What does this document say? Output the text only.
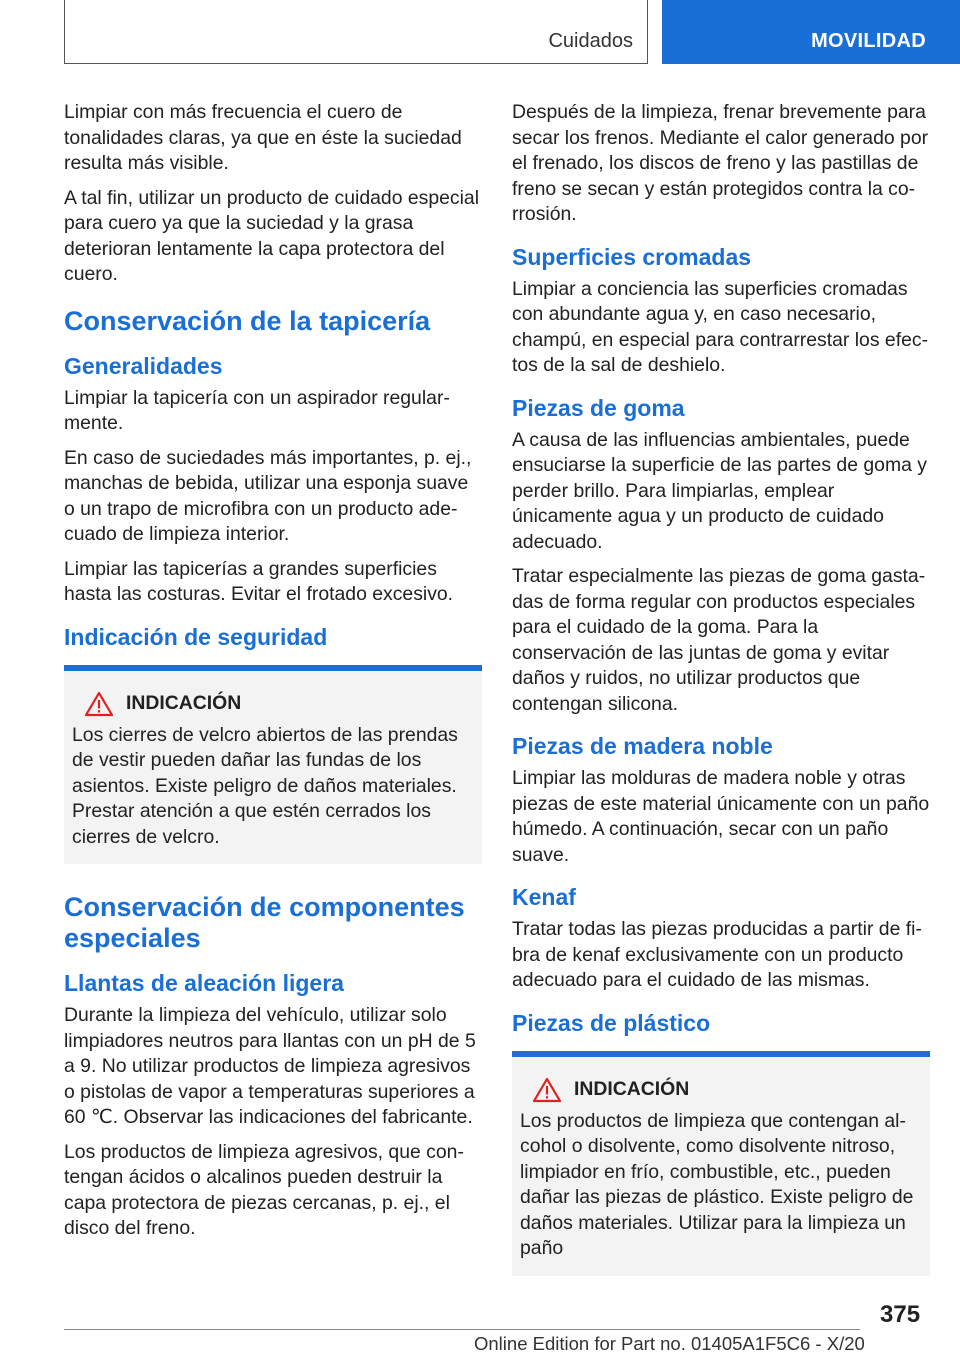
Cuidados	MOVILIDAD

Limpiar con más frecuencia el cuero de tonalidades claras, ya que en éste la suciedad resulta más visible.

A tal fin, utilizar un producto de cuidado especial para cuero ya que la suciedad y la grasa deterioran lentamente la capa protectora del cuero.

Conservación de la tapicería
Generalidades

Limpiar la tapicería con un aspirador regularmente.

En caso de suciedades más importantes, p. ej., manchas de bebida, utilizar una esponja suave o un trapo de microfibra con un producto adecuado de limpieza interior.

Limpiar las tapicerías a grandes superficies hasta las costuras. Evitar el frotado excesivo.

Indicación de seguridad
INDICACIÓN

Los cierres de velcro abiertos de las prendas de vestir pueden dañar las fundas de los asientos. Existe peligro de daños materiales. Prestar atención a que estén cerrados los cierres de velcro.

Conservación de componentes especiales
Llantas de aleación ligera

Durante la limpieza del vehículo, utilizar solo limpiadores neutros para llantas con un pH de 5 a 9. No utilizar productos de limpieza agresivos o pistolas de vapor a temperaturas superiores a 60 ℃. Observar las indicaciones del fabricante.

Los productos de limpieza agresivos, que contengan ácidos o alcalinos pueden destruir la capa protectora de piezas cercanas, p. ej., el disco del freno.

Después de la limpieza, frenar brevemente para secar los frenos. Mediante el calor generado por el frenado, los discos de freno y las pastillas de freno se secan y están protegidos contra la corrosión.

Superficies cromadas

Limpiar a conciencia las superficies cromadas con abundante agua y, en caso necesario, champú, en especial para contrarrestar los efectos de la sal de deshielo.

Piezas de goma

A causa de las influencias ambientales, puede ensuciarse la superficie de las partes de goma y perder brillo. Para limpiarlas, emplear únicamente agua y un producto de cuidado adecuado.

Tratar especialmente las piezas de goma gastadas de forma regular con productos especiales para el cuidado de la goma. Para la conservación de las juntas de goma y evitar daños y ruidos, no utilizar productos que contengan silicona.

Piezas de madera noble

Limpiar las molduras de madera noble y otras piezas de este material únicamente con un paño húmedo. A continuación, secar con un paño suave.

Kenaf

Tratar todas las piezas producidas a partir de fibra de kenaf exclusivamente con un producto adecuado para el cuidado de las mismas.

Piezas de plástico
INDICACIÓN

Los productos de limpieza que contengan alcohol o disolvente, como disolvente nitroso, limpiador en frío, combustible, etc., pueden dañar las piezas de plástico. Existe peligro de daños materiales. Utilizar para la limpieza un paño

375
Online Edition for Part no. 01405A1F5C6 - X/20
